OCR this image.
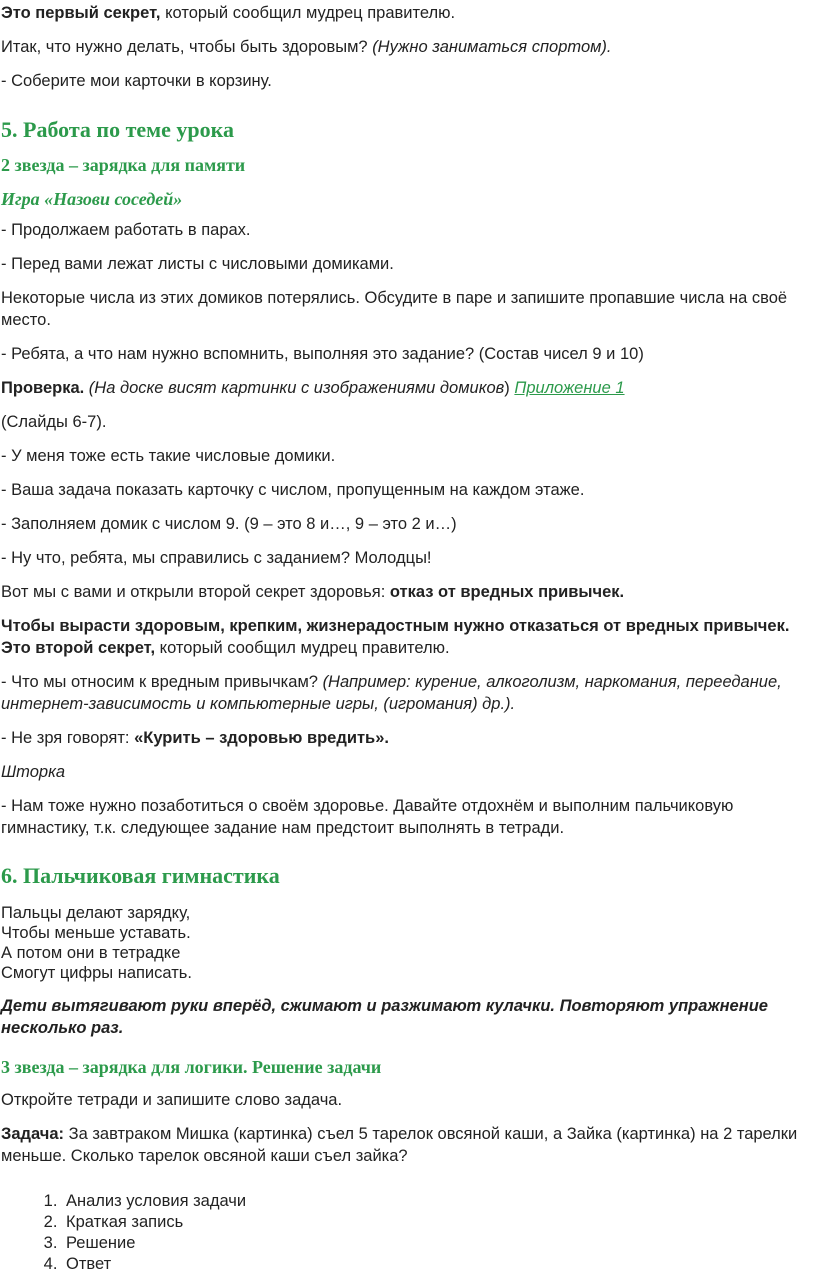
Это первый секрет, который сообщил мудрец правителю.

Итак, что нужно делать, чтобы быть здоровым? (Нужно заниматься спортом).

- Соберите мои карточки в корзину.

5. Работа по теме урока
2 звезда – зарядка для памяти
Игра «Назови соседей»

- Продолжаем работать в парах.

- Перед вами лежат листы с числовыми домиками.

Некоторые числа из этих домиков потерялись. Обсудите в паре и запишите пропавшие числа на своё место.

- Ребята, а что нам нужно вспомнить, выполняя это задание? (Состав чисел 9 и 10)

Проверка. (На доске висят картинки с изображениями домиков) Приложение 1

(Слайды 6-7).

- У меня тоже есть такие числовые домики.

- Ваша задача показать карточку с числом, пропущенным на каждом этаже.

- Заполняем домик с числом 9. (9 – это 8 и…, 9 – это 2 и…)

- Ну что, ребята, мы справились с заданием? Молодцы!

Вот мы с вами и открыли второй секрет здоровья: отказ от вредных привычек.

Чтобы вырасти здоровым, крепким, жизнерадостным нужно отказаться от вредных привычек. Это второй секрет, который сообщил мудрец правителю.

- Что мы относим к вредным привычкам? (Например: курение, алкоголизм, наркомания, переедание, интернет-зависимость и компьютерные игры, (игромания) др.).

- Не зря говорят: «Курить – здоровью вредить».

Шторка

- Нам тоже нужно позаботиться о своём здоровье. Давайте отдохнём и выполним пальчиковую гимнастику, т.к. следующее задание нам предстоит выполнять в тетради.

6. Пальчиковая гимнастика

Пальцы делают зарядку,

Чтобы меньше уставать.

А потом они в тетрадке

Смогут цифры написать.

Дети вытягивают руки вперёд, сжимают и разжимают кулачки. Повторяют упражнение несколько раз.

3 звезда – зарядка для логики. Решение задачи

Откройте тетради и запишите слово задача.

Задача: За завтраком Мишка (картинка) съел 5 тарелок овсяной каши, а Зайка (картинка) на 2 тарелки меньше. Сколько тарелок овсяной каши съел зайка?

1. Анализ условия задачи
2. Краткая запись
3. Решение
4. Ответ
